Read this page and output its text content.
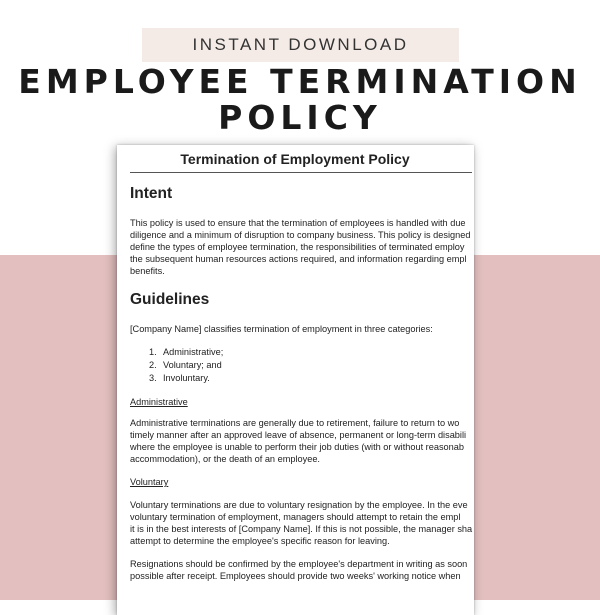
INSTANT DOWNLOAD
EMPLOYEE TERMINATION
POLICY
Termination of Employment Policy
Intent
This policy is used to ensure that the termination of employees is handled with due
diligence and a minimum of disruption to company business. This policy is designed
define the types of employee termination, the responsibilities of terminated employ
the subsequent human resources actions required, and information regarding empl
benefits.
Guidelines
[Company Name] classifies termination of employment in three categories:
1. Administrative;
2. Voluntary; and
3. Involuntary.
Administrative
Administrative terminations are generally due to retirement, failure to return to wo
timely manner after an approved leave of absence, permanent or long-term disabili
where the employee is unable to perform their job duties (with or without reasonab
accommodation), or the death of an employee.
Voluntary
Voluntary terminations are due to voluntary resignation by the employee. In the eve
voluntary termination of employment, managers should attempt to retain the empl
it is in the best interests of [Company Name]. If this is not possible, the manager sha
attempt to determine the employee's specific reason for leaving.
Resignations should be confirmed by the employee's department in writing as soon
possible after receipt. Employees should provide two weeks' working notice when
